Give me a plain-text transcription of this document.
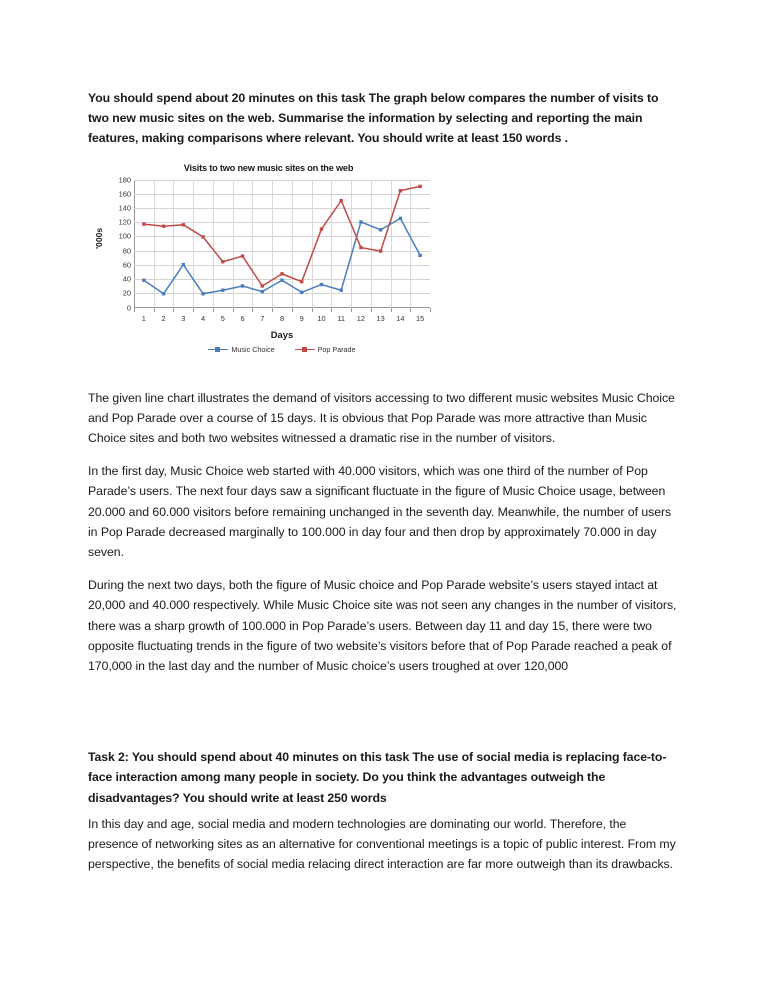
You should spend about 20 minutes on this task The graph below compares the number of visits to two new music sites on the web. Summarise the information by selecting and reporting the main features, making comparisons where relevant. You should write at least 150 words .

Visits to two new music sites on the web
'000s
0
20
40
60
80
100
120
140
160
180
1 2 3 4 5 6 7 8 9 10 11 12 13 14 15
Days
Music Choice	Pop Parade

The given line chart illustrates the demand of visitors accessing to two different music websites Music Choice and Pop Parade over a course of 15 days. It is obvious that Pop Parade was more attractive than Music Choice sites and both two websites witnessed a dramatic rise in the number of visitors.

In the first day, Music Choice web started with 40.000 visitors, which was one third of the number of Pop Parade’s users. The next four days saw a significant fluctuate in the figure of Music Choice usage, between 20.000 and 60.000 visitors before remaining unchanged in the seventh day. Meanwhile, the number of users in Pop Parade decreased marginally to 100.000 in day four and then drop by approximately 70.000 in day seven.

During the next two days, both the figure of Music choice and Pop Parade website’s users stayed intact at 20,000 and 40.000 respectively. While Music Choice site was not seen any changes in the number of visitors, there was a sharp growth of 100.000 in Pop Parade’s users. Between day 11 and day 15, there were two opposite fluctuating trends in the figure of two website’s visitors before that of Pop Parade reached a peak of 170,000 in the last day and the number of Music choice’s users troughed at over 120,000

Task 2: You should spend about 40 minutes on this task The use of social media is replacing face-to-face interaction among many people in society. Do you think the advantages outweigh the disadvantages? You should write at least 250 words

In this day and age, social media and modern technologies are dominating our world. Therefore, the presence of networking sites as an alternative for conventional meetings is a topic of public interest. From my perspective, the benefits of social media relacing direct interaction are far more outweigh than its drawbacks.
